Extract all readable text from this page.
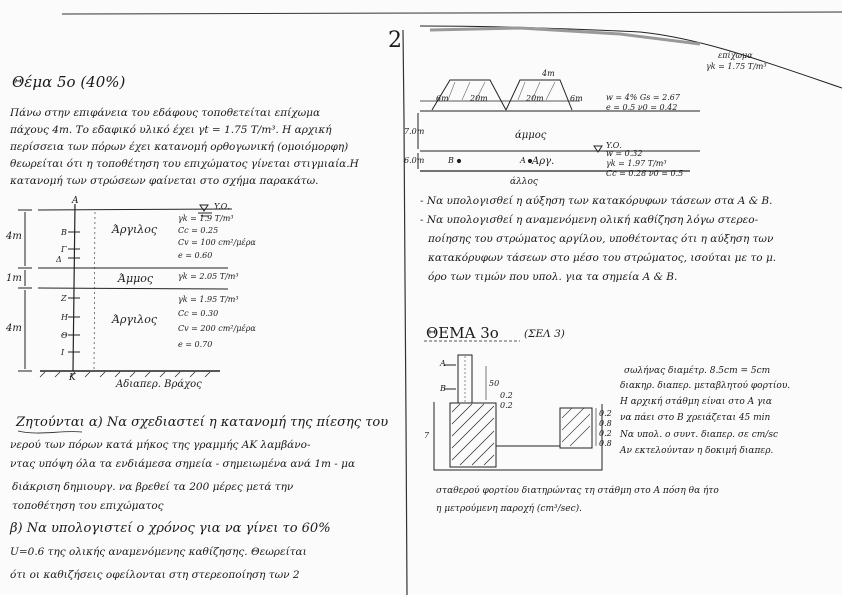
2
Θέμα 5ο (40%)
Πάνω στην επιφάνεια του εδάφους τοποθετείται επίχωμα
πάχους 4m. Το εδαφικό υλικό έχει γt = 1.75 T/m³. Η αρχική
περίσσεια των πόρων έχει κατανομή ορθογωνική (ομοιόμορφη)
θεωρείται ότι η τοποθέτηση του επιχώματος γίνεται στιγμιαία.Η
κατανομή των στρώσεων φαίνεται στο σχήμα παρακάτω.
A
Y.Ο.
K
Αδιαπερ. Βράχος
4m
1m
4m
B
Γ
Δ
Z
H
Θ
I
Άργιλος
γk = 1.9 T/m³
Cc = 0.25
Cv = 100 cm²/μέρα
e = 0.60
Άμμος	γk = 2.05 T/m³
Άργιλος
γk = 1.95 T/m³
Cc = 0.30
Cv = 200 cm²/μέρα
e = 0.70
Ζητούνται α) Να σχεδιαστεί η κατανομή της πίεσης του
νερού των πόρων κατά μήκος της γραμμής ΑΚ λαμβάνο-
ντας υπόψη όλα τα ενδιάμεσα σημεία - σημειωμένα ανά 1m - μα
διάκριση δημιουργ. να βρεθεί τα 200 μέρες μετά την
τοποθέτηση του επιχώματος
β) Να υπολογιστεί ο χρόνος για να γίνει το 60%
U=0.6 της ολικής αναμενόμενης καθίζησης. Θεωρείται
ότι οι καθιζήσεις οφείλονται στη στερεοποίηση των 2
επίχωμα
γk = 1.75 T/m³
4m
6m	20m	20m	6m
7.0m
6.0m
άμμος
w = 4% Gs = 2.67
e = 0.5 ν0 = 0.42
Y.Ο.
Αργ.
w = 0.32
γk = 1.97 T/m³
Cc = 0.28 ν0 = 0.5
Β	Α
άλλος
- Να υπολογισθεί η αύξηση των κατακόρυφων τάσεων στα Α & Β.
- Να υπολογισθεί η αναμενόμενη ολική καθίζηση λόγω στερεο-
ποίησης του στρώματος αργίλου, υποθέτοντας ότι η αύξηση των
κατακόρυφων τάσεων στο μέσο του στρώματος, ισούται με το μ.
όρο των τιμών που υπολ. για τα σημεία Α & Β.
ΘΕΜΑ 3ο (ΣΕΛ 3)
σωλήνας διαμέτρ. 8.5cm = 5cm
διακηρ. διαπερ. μεταβλητού φορτίου.
Η αρχική στάθμη είναι στο Α για
να πάει στο Β χρειάζεται 45 min
Να υπολ. ο συντ. διαπερ. σε cm/sc
Αν εκτελούνταν η δοκιμή διαπερ.
σταθερού φορτίου διατηρώντας τη στάθμη στο Α πόση θα ήτο
η μετρούμενη παροχή (cm³/sec).
A
B
7
50
0.2
0.2
0.2
0.8
0.2
0.8
